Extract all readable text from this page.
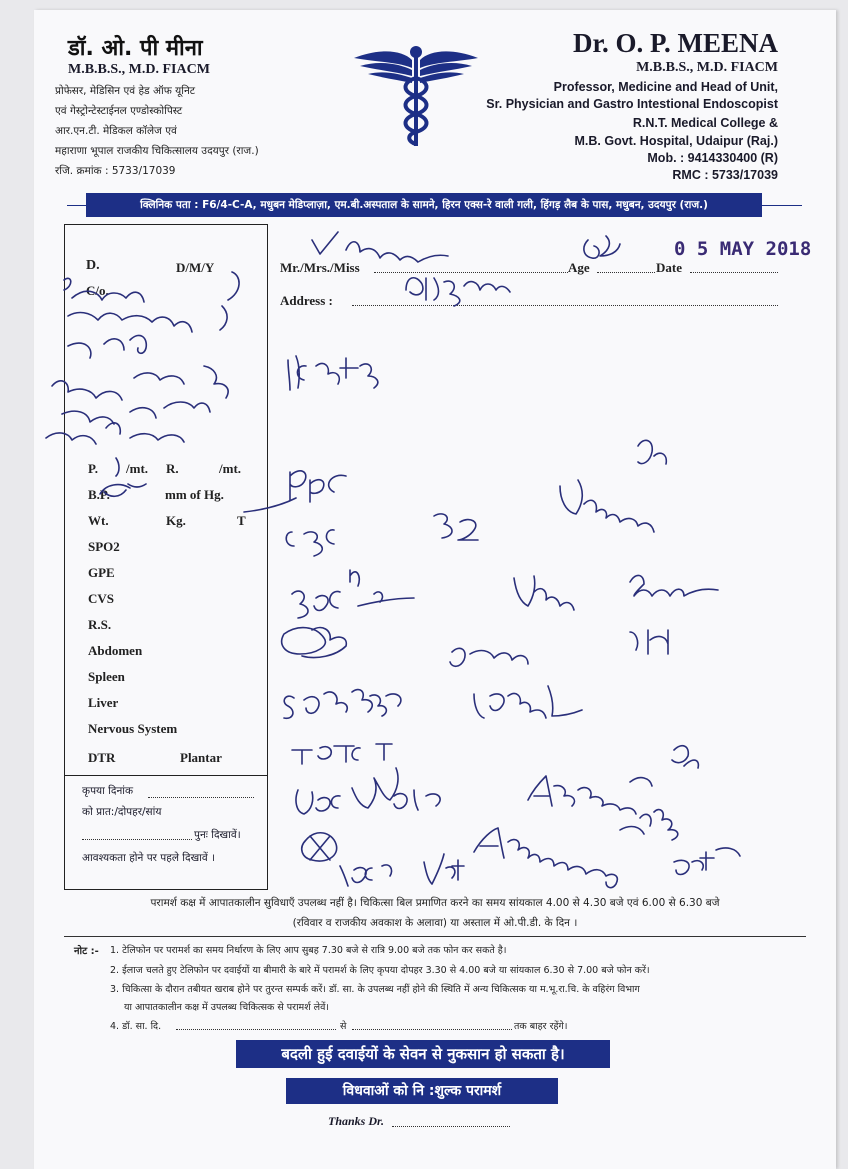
डॉ. ओ. पी मीना
M.B.B.S., M.D. FIACM
प्रोफेसर, मेडिसिन एवं हेड ऑफ यूनिट
एवं गेस्ट्रोन्टेस्टाईनल एण्डोस्कोपिस्ट
आर.एन.टी. मेडिकल कॉलेज एवं
महाराणा भूपाल राजकीय चिकित्सालय उदयपुर (राज.)
रजि. क्रमांक : 5733/17039
Dr. O. P. MEENA
M.B.B.S., M.D. FIACM
Professor, Medicine and Head of Unit,
Sr. Physician and Gastro Intestional Endoscopist
R.N.T. Medical College &
M.B. Govt. Hospital, Udaipur (Raj.)
Mob. : 9414330400 (R)
RMC : 5733/17039
क्लिनिक पता : F6/4-C-A, मधुबन मेडिप्लाज़ा, एम.बी.अस्पताल के सामने, हिरन एक्स-रे वाली गली, हिंगड़ लैब के पास, मधुबन, उदयपुर (राज.)
D.	D/M/Y
C/o.
P. /mt. R.	/mt.
B.P.	mm of Hg.
Wt.	Kg.	T
SPO2
GPE
CVS
R.S.
Abdomen
Spleen
Liver
Nervous System
DTR	Plantar
कृपया दिनांक
को प्रात:/दोपहर/सांय
पुनः दिखावें।
आवश्यकता होने पर पहले दिखावें ।
Mr./Mrs./Miss	Age	Date
0 5 MAY 2018
Address :
परामर्श कक्ष में आपातकालीन सुविधाएँ उपलब्ध नहीं है। चिकित्सा बिल प्रमाणित करने का समय सांयकाल 4.00 से 4.30 बजे एवं 6.00 से 6.30 बजे
(रविवार व राजकीय अवकाश के अलावा) या अस्ताल में ओ.पी.डी. के दिन ।
नोट :- 1. टेलिफोन पर परामर्श का समय निर्धारण के लिए आप सुबह 7.30 बजे से रात्रि 9.00 बजे तक फोन कर सकते है।
2. ईलाज चलते हुए टेलिफोन पर दवाईयों या बीमारी के बारे में परामर्श के लिए कृपया दोपहर 3.30 से 4.00 बजे या सांयकाल 6.30 से 7.00 बजे फोन करें।
3. चिकित्सा के दौरान तबीयत खराब होने पर तुरन्त सम्पर्क करें। डॉ. सा. के उपलब्ध नहीं होने की स्थिति में अन्य चिकित्सक या म.भू.रा.चि. के वहिरंग विभाग
या आपातकालीन कक्ष में उपलब्ध चिकित्सक से परामर्श लेवें।
4. डॉ. सा. दि.	से	तक बाहर रहेंगे।
बदली हुई दवाईयों के सेवन से नुकसान हो सकता है।
विधवाओं को नि :शुल्क परामर्श
Thanks Dr.
